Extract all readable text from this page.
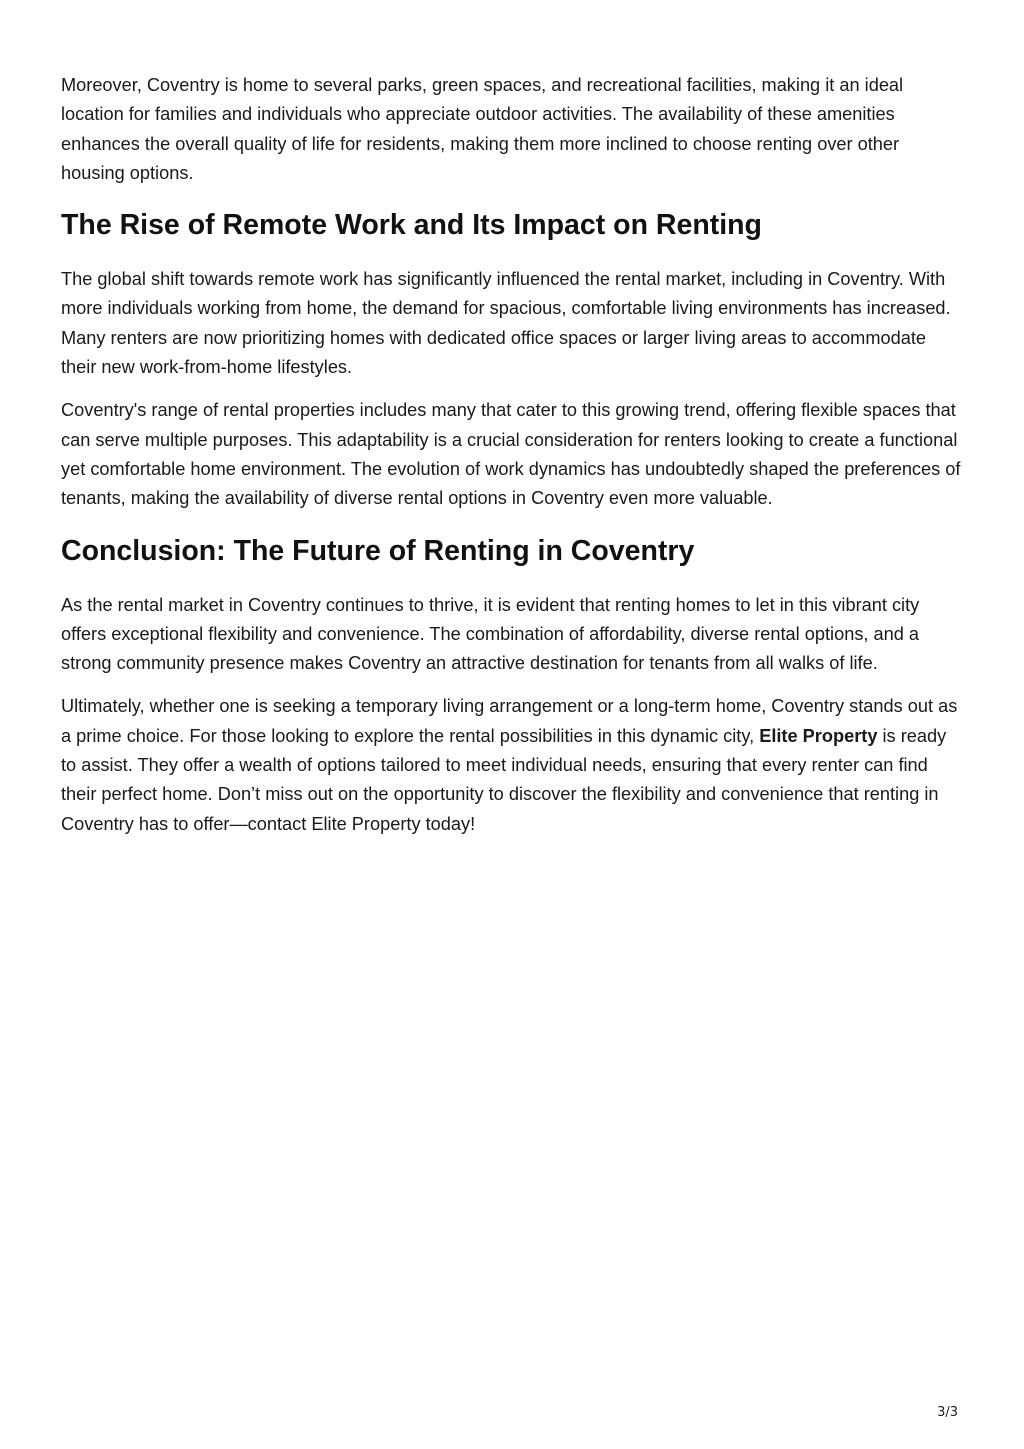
Moreover, Coventry is home to several parks, green spaces, and recreational facilities, making it an ideal location for families and individuals who appreciate outdoor activities. The availability of these amenities enhances the overall quality of life for residents, making them more inclined to choose renting over other housing options.

The Rise of Remote Work and Its Impact on Renting

The global shift towards remote work has significantly influenced the rental market, including in Coventry. With more individuals working from home, the demand for spacious, comfortable living environments has increased. Many renters are now prioritizing homes with dedicated office spaces or larger living areas to accommodate their new work-from-home lifestyles.

Coventry's range of rental properties includes many that cater to this growing trend, offering flexible spaces that can serve multiple purposes. This adaptability is a crucial consideration for renters looking to create a functional yet comfortable home environment. The evolution of work dynamics has undoubtedly shaped the preferences of tenants, making the availability of diverse rental options in Coventry even more valuable.

Conclusion: The Future of Renting in Coventry

As the rental market in Coventry continues to thrive, it is evident that renting homes to let in this vibrant city offers exceptional flexibility and convenience. The combination of affordability, diverse rental options, and a strong community presence makes Coventry an attractive destination for tenants from all walks of life.

Ultimately, whether one is seeking a temporary living arrangement or a long-term home, Coventry stands out as a prime choice. For those looking to explore the rental possibilities in this dynamic city, Elite Property is ready to assist. They offer a wealth of options tailored to meet individual needs, ensuring that every renter can find their perfect home. Don’t miss out on the opportunity to discover the flexibility and convenience that renting in Coventry has to offer—contact Elite Property today!

3/3
